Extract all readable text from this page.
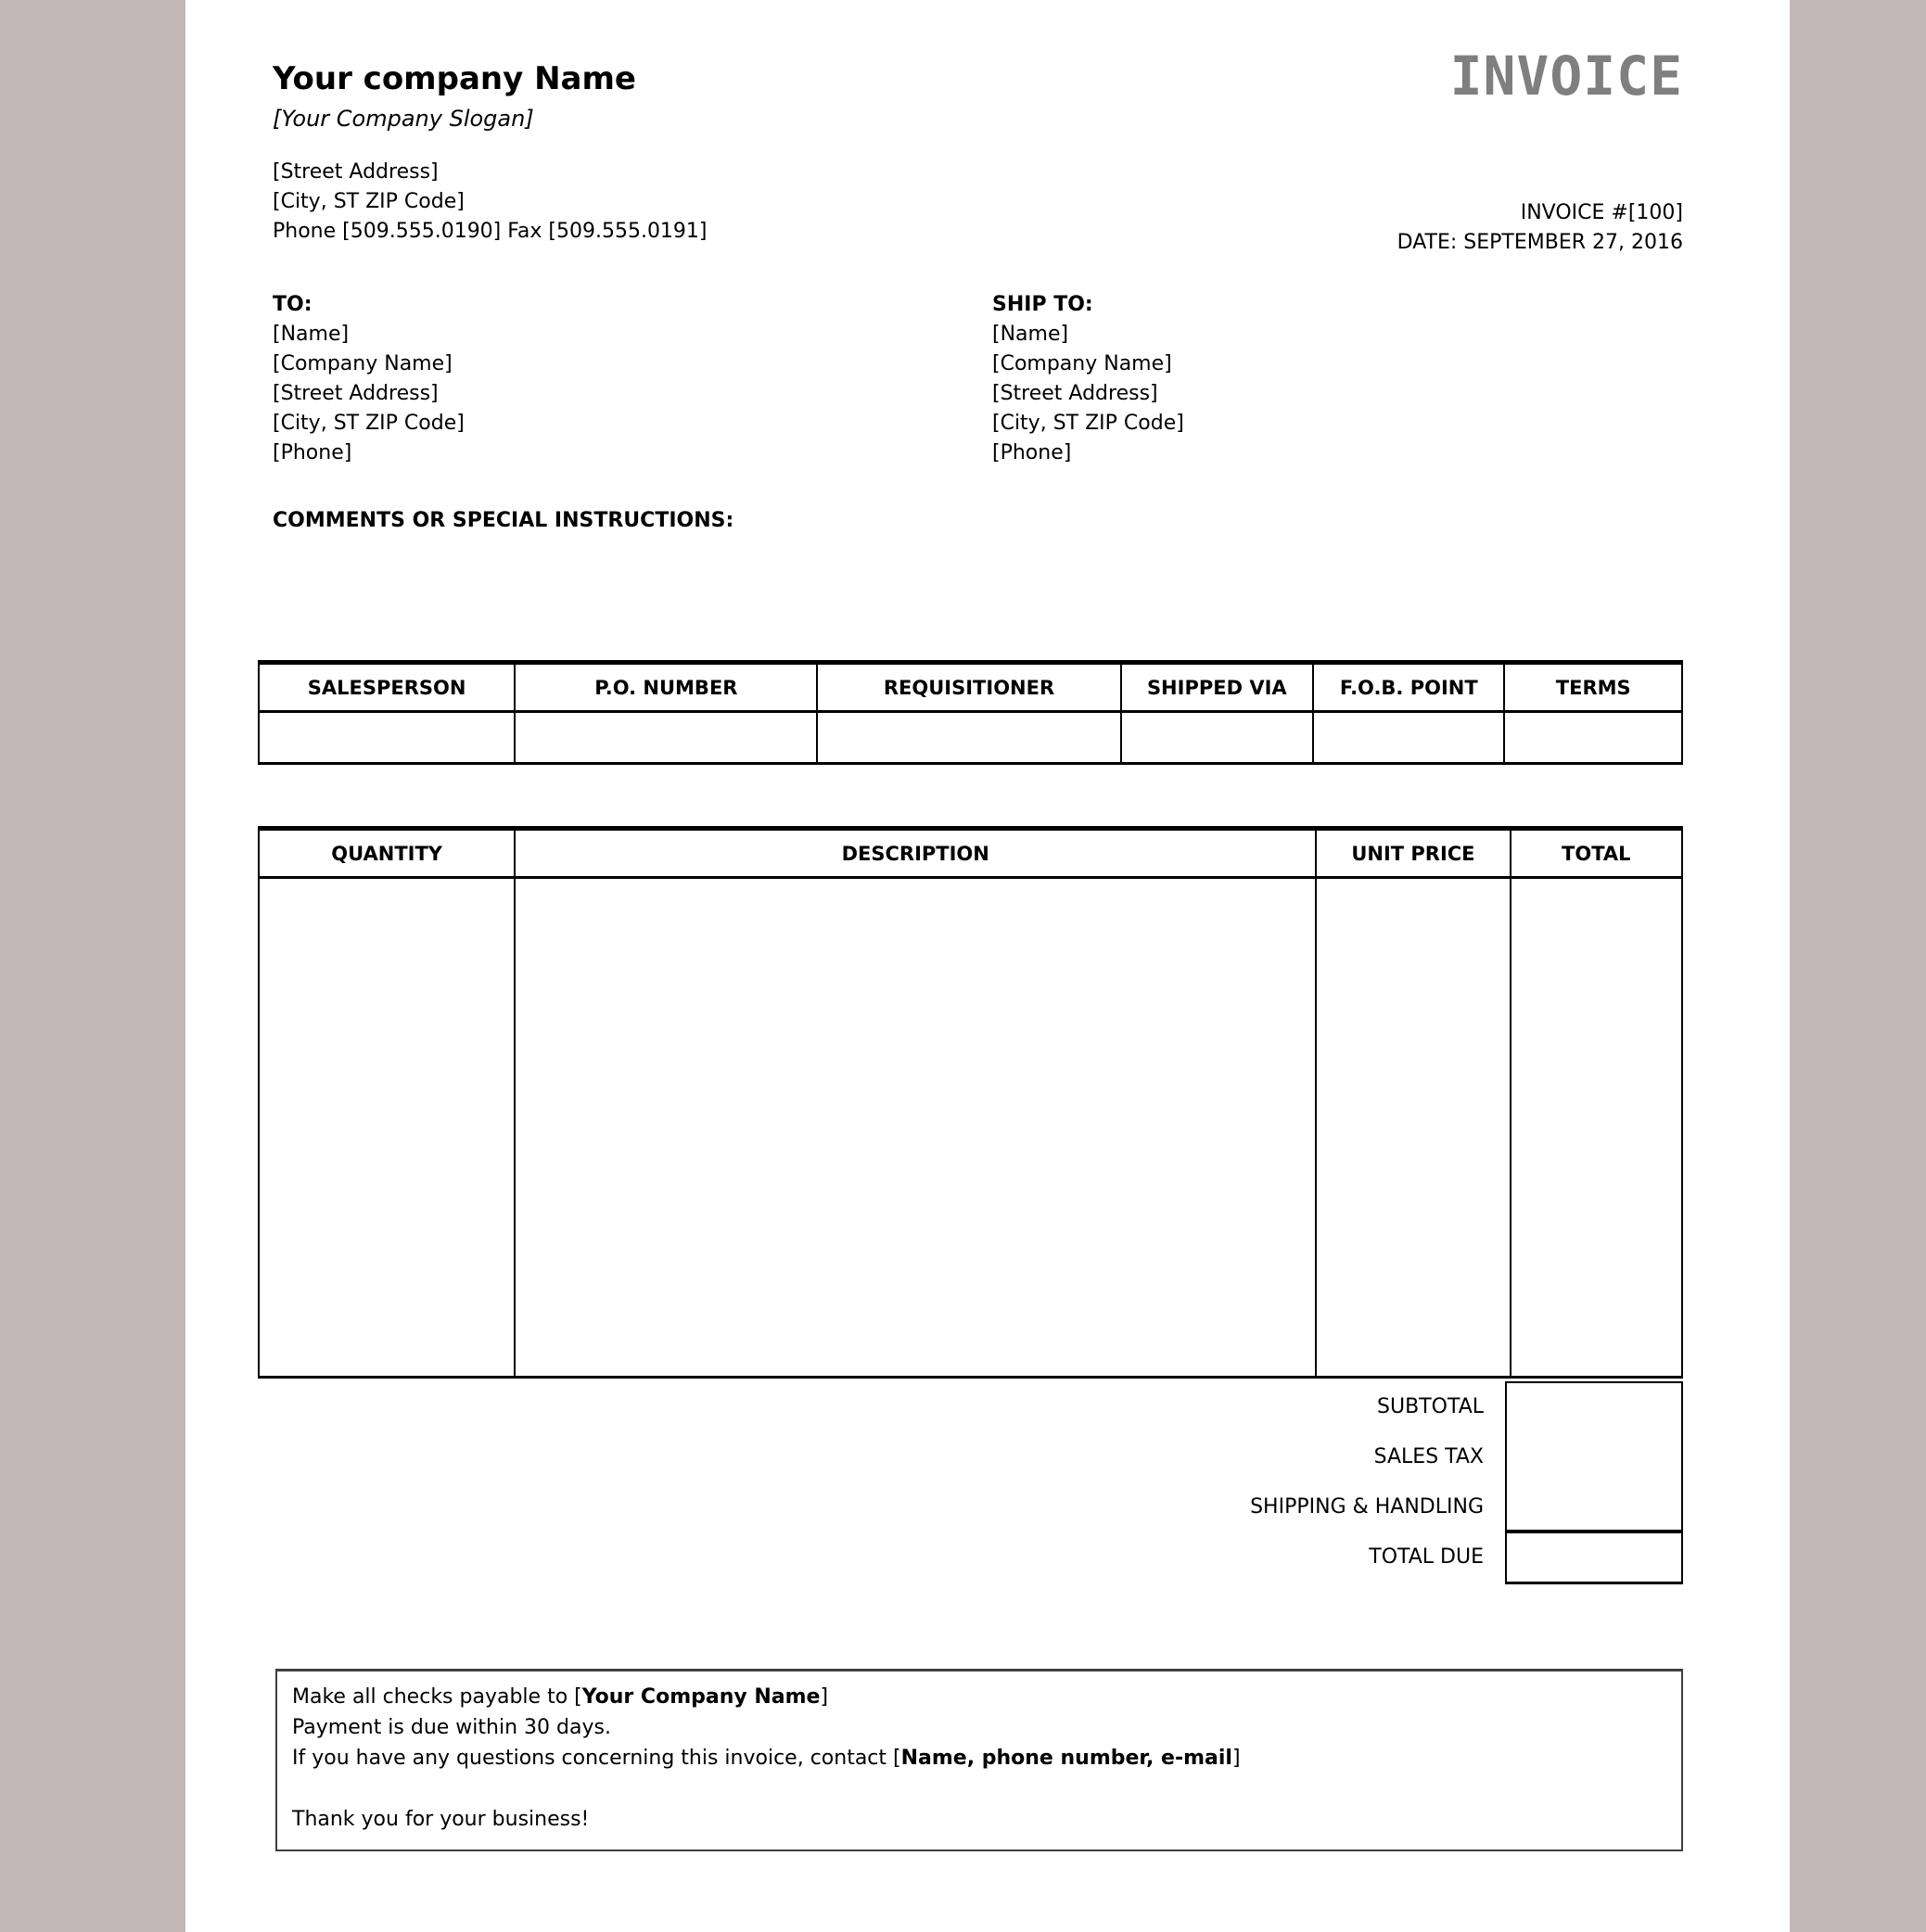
Your company Name
[Your Company Slogan]
INVOICE
[Street Address]
[City, ST ZIP Code]
Phone [509.555.0190] Fax [509.555.0191]
INVOICE #[100]
DATE: SEPTEMBER 27, 2016
TO:
[Name]
[Company Name]
[Street Address]
[City, ST ZIP Code]
[Phone]
SHIP TO:
[Name]
[Company Name]
[Street Address]
[City, ST ZIP Code]
[Phone]
COMMENTS OR SPECIAL INSTRUCTIONS:
SALESPERSON	P.O. NUMBER	REQUISITIONER	SHIPPED VIA	F.O.B. POINT	TERMS
QUANTITY	DESCRIPTION	UNIT PRICE	TOTAL
SUBTOTAL
SALES TAX
SHIPPING & HANDLING
TOTAL DUE
Make all checks payable to [Your Company Name]
Payment is due within 30 days.
If you have any questions concerning this invoice, contact [Name, phone number, e-mail]
Thank you for your business!
